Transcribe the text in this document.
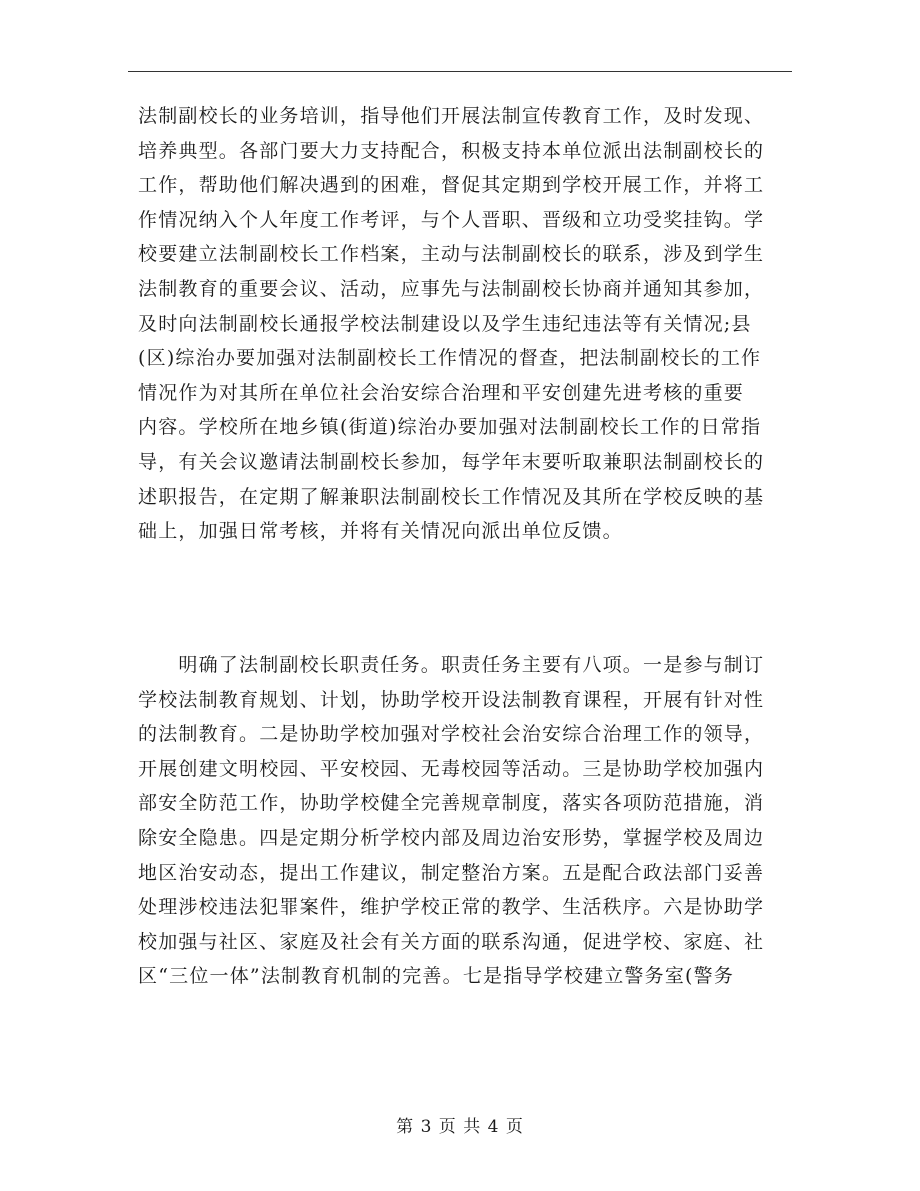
法制副校长的业务培训，指导他们开展法制宣传教育工作，及时发现、
培养典型。各部门要大力支持配合，积极支持本单位派出法制副校长的
工作，帮助他们解决遇到的困难，督促其定期到学校开展工作，并将工
作情况纳入个人年度工作考评，与个人晋职、晋级和立功受奖挂钩。学
校要建立法制副校长工作档案，主动与法制副校长的联系，涉及到学生
法制教育的重要会议、活动，应事先与法制副校长协商并通知其参加，
及时向法制副校长通报学校法制建设以及学生违纪违法等有关情况;县
(区)综治办要加强对法制副校长工作情况的督查，把法制副校长的工作
情况作为对其所在单位社会治安综合治理和平安创建先进考核的重要
内容。学校所在地乡镇(街道)综治办要加强对法制副校长工作的日常指
导，有关会议邀请法制副校长参加，每学年末要听取兼职法制副校长的
述职报告，在定期了解兼职法制副校长工作情况及其所在学校反映的基
础上，加强日常考核，并将有关情况向派出单位反馈。
　　明确了法制副校长职责任务。职责任务主要有八项。一是参与制订
学校法制教育规划、计划，协助学校开设法制教育课程，开展有针对性
的法制教育。二是协助学校加强对学校社会治安综合治理工作的领导，
开展创建文明校园、平安校园、无毒校园等活动。三是协助学校加强内
部安全防范工作，协助学校健全完善规章制度，落实各项防范措施，消
除安全隐患。四是定期分析学校内部及周边治安形势，掌握学校及周边
地区治安动态，提出工作建议，制定整治方案。五是配合政法部门妥善
处理涉校违法犯罪案件，维护学校正常的教学、生活秩序。六是协助学
校加强与社区、家庭及社会有关方面的联系沟通，促进学校、家庭、社
区“三位一体”法制教育机制的完善。七是指导学校建立警务室(警务
第 3 页 共 4 页
